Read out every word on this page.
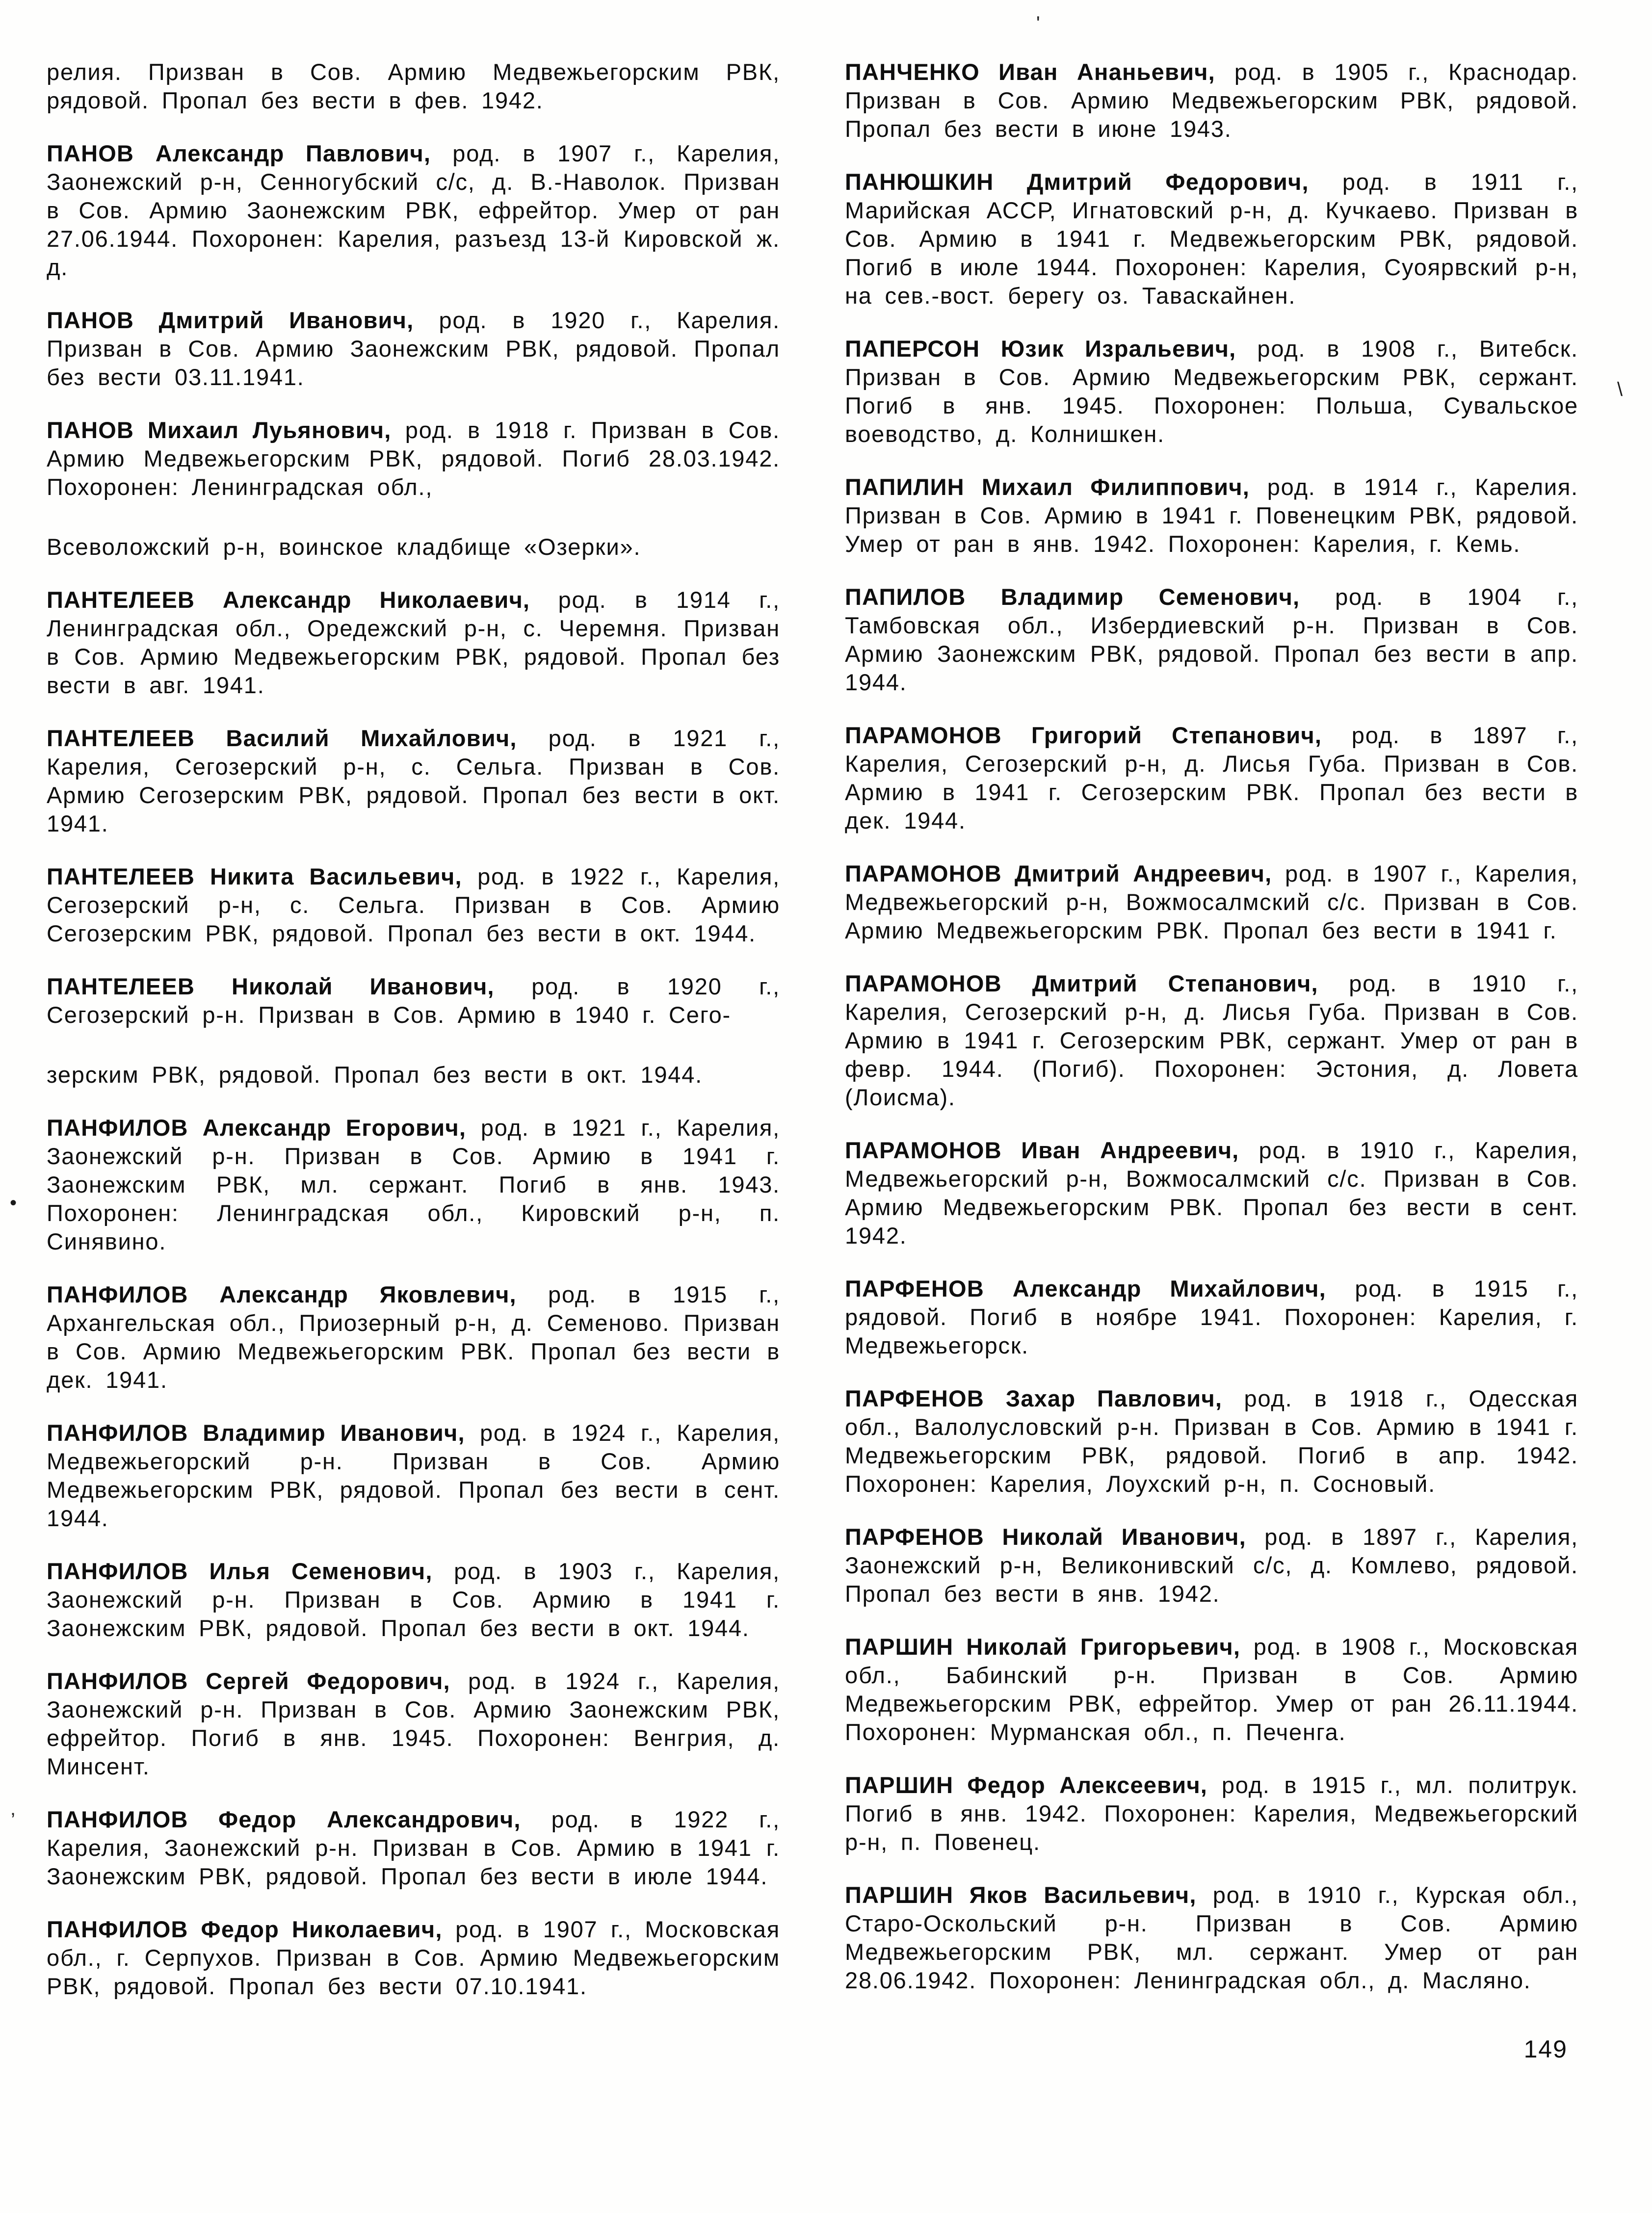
релия. Призван в Сов. Армию Медвежьегорским РВК, рядовой. Пропал без вести в фев. 1942.

ПАНОВ Александр Павлович, род. в 1907 г., Карелия, Заонежский р-н, Сенногубский с/с, д. В.-Наволок. Призван в Сов. Армию Заонежским РВК, ефрейтор. Умер от ран 27.06.1944. Похоронен: Карелия, разъезд 13-й Кировской ж. д.

ПАНОВ Дмитрий Иванович, род. в 1920 г., Карелия. Призван в Сов. Армию Заонежским РВК, рядовой. Пропал без вести 03.11.1941.

ПАНОВ Михаил Луьянович, род. в 1918 г. Призван в Сов. Армию Медвежьегорским РВК, рядовой. Погиб 28.03.1942. Похоронен: Ленинградская обл.,

Всеволожский р-н, воинское кладбище «Озерки».

ПАНТЕЛЕЕВ Александр Николаевич, род. в 1914 г., Ленинградская обл., Оредежский р-н, с. Черемня. Призван в Сов. Армию Медвежьегорским РВК, рядовой. Пропал без вести в авг. 1941.

ПАНТЕЛЕЕВ Василий Михайлович, род. в 1921 г., Карелия, Сегозерский р-н, с. Сельга. Призван в Сов. Армию Сегозерским РВК, рядовой. Пропал без вести в окт. 1941.

ПАНТЕЛЕЕВ Никита Васильевич, род. в 1922 г., Карелия, Сегозерский р-н, с. Сельга. Призван в Сов. Армию Сегозерским РВК, рядовой. Пропал без вести в окт. 1944.

ПАНТЕЛЕЕВ Николай Иванович, род. в 1920 г., Сегозерский р-н. Призван в Сов. Армию в 1940 г. Сего-

зерским РВК, рядовой. Пропал без вести в окт. 1944.

ПАНФИЛОВ Александр Егорович, род. в 1921 г., Карелия, Заонежский р-н. Призван в Сов. Армию в 1941 г. Заонежским РВК, мл. сержант. Погиб в янв. 1943. Похоронен: Ленинградская обл., Кировский р-н, п. Синявино.

ПАНФИЛОВ Александр Яковлевич, род. в 1915 г., Архангельская обл., Приозерный р-н, д. Семеново. Призван в Сов. Армию Медвежьегорским РВК. Пропал без вести в дек. 1941.

ПАНФИЛОВ Владимир Иванович, род. в 1924 г., Карелия, Медвежьегорский р-н. Призван в Сов. Армию Медвежьегорским РВК, рядовой. Пропал без вести в сент. 1944.

ПАНФИЛОВ Илья Семенович, род. в 1903 г., Карелия, Заонежский р-н. Призван в Сов. Армию в 1941 г. Заонежским РВК, рядовой. Пропал без вести в окт. 1944.

ПАНФИЛОВ Сергей Федорович, род. в 1924 г., Карелия, Заонежский р-н. Призван в Сов. Армию Заонежским РВК, ефрейтор. Погиб в янв. 1945. Похоронен: Венгрия, д. Минсент.

ПАНФИЛОВ Федор Александрович, род. в 1922 г., Карелия, Заонежский р-н. Призван в Сов. Армию в 1941 г. Заонежским РВК, рядовой. Пропал без вести в июле 1944.

ПАНФИЛОВ Федор Николаевич, род. в 1907 г., Московская обл., г. Серпухов. Призван в Сов. Армию Медвежьегорским РВК, рядовой. Пропал без вести 07.10.1941.

ПАНЧЕНКО Иван Ананьевич, род. в 1905 г., Краснодар. Призван в Сов. Армию Медвежьегорским РВК, рядовой. Пропал без вести в июне 1943.

ПАНЮШКИН Дмитрий Федорович, род. в 1911 г., Марийская АССР, Игнатовский р-н, д. Кучкаево. Призван в Сов. Армию в 1941 г. Медвежьегорским РВК, рядовой. Погиб в июле 1944. Похоронен: Карелия, Суоярвский р-н, на сев.-вост. берегу оз. Таваскайнен.

ПАПЕРСОН Юзик Изральевич, род. в 1908 г., Витебск. Призван в Сов. Армию Медвежьегорским РВК, сержант. Погиб в янв. 1945. Похоронен: Польша, Сувальское воеводство, д. Колнишкен.

ПАПИЛИН Михаил Филиппович, род. в 1914 г., Карелия. Призван в Сов. Армию в 1941 г. Повенецким РВК, рядовой. Умер от ран в янв. 1942. Похоронен: Карелия, г. Кемь.

ПАПИЛОВ Владимир Семенович, род. в 1904 г., Тамбовская обл., Избердиевский р-н. Призван в Сов. Армию Заонежским РВК, рядовой. Пропал без вести в апр. 1944.

ПАРАМОНОВ Григорий Степанович, род. в 1897 г., Карелия, Сегозерский р-н, д. Лисья Губа. Призван в Сов. Армию в 1941 г. Сегозерским РВК. Пропал без вести в дек. 1944.

ПАРАМОНОВ Дмитрий Андреевич, род. в 1907 г., Карелия, Медвежьегорский р-н, Вожмосалмский с/с. Призван в Сов. Армию Медвежьегорским РВК. Пропал без вести в 1941 г.

ПАРАМОНОВ Дмитрий Степанович, род. в 1910 г., Карелия, Сегозерский р-н, д. Лисья Губа. Призван в Сов. Армию в 1941 г. Сегозерским РВК, сержант. Умер от ран в февр. 1944. (Погиб). Похоронен: Эстония, д. Ловета (Лоисма).

ПАРАМОНОВ Иван Андреевич, род. в 1910 г., Карелия, Медвежьегорский р-н, Вожмосалмский с/с. Призван в Сов. Армию Медвежьегорским РВК. Пропал без вести в сент. 1942.

ПАРФЕНОВ Александр Михайлович, род. в 1915 г., рядовой. Погиб в ноябре 1941. Похоронен: Карелия, г. Медвежьегорск.

ПАРФЕНОВ Захар Павлович, род. в 1918 г., Одесская обл., Валолусловский р-н. Призван в Сов. Армию в 1941 г. Медвежьегорским РВК, рядовой. Погиб в апр. 1942. Похоронен: Карелия, Лоухский р-н, п. Сосновый.

ПАРФЕНОВ Николай Иванович, род. в 1897 г., Карелия, Заонежский р-н, Великонивский с/с, д. Комлево, рядовой. Пропал без вести в янв. 1942.

ПАРШИН Николай Григорьевич, род. в 1908 г., Московская обл., Бабинский р-н. Призван в Сов. Армию Медвежьегорским РВК, ефрейтор. Умер от ран 26.11.1944. Похоронен: Мурманская обл., п. Печенга.

ПАРШИН Федор Алексеевич, род. в 1915 г., мл. политрук. Погиб в янв. 1942. Похоронен: Карелия, Медвежьегорский р-н, п. Повенец.

ПАРШИН Яков Васильевич, род. в 1910 г., Курская обл., Старо-Оскольский р-н. Призван в Сов. Армию Медвежьегорским РВК, мл. сержант. Умер от ран 28.06.1942. Похоронен: Ленинградская обл., д. Масляно.

149
\
'
•
’
